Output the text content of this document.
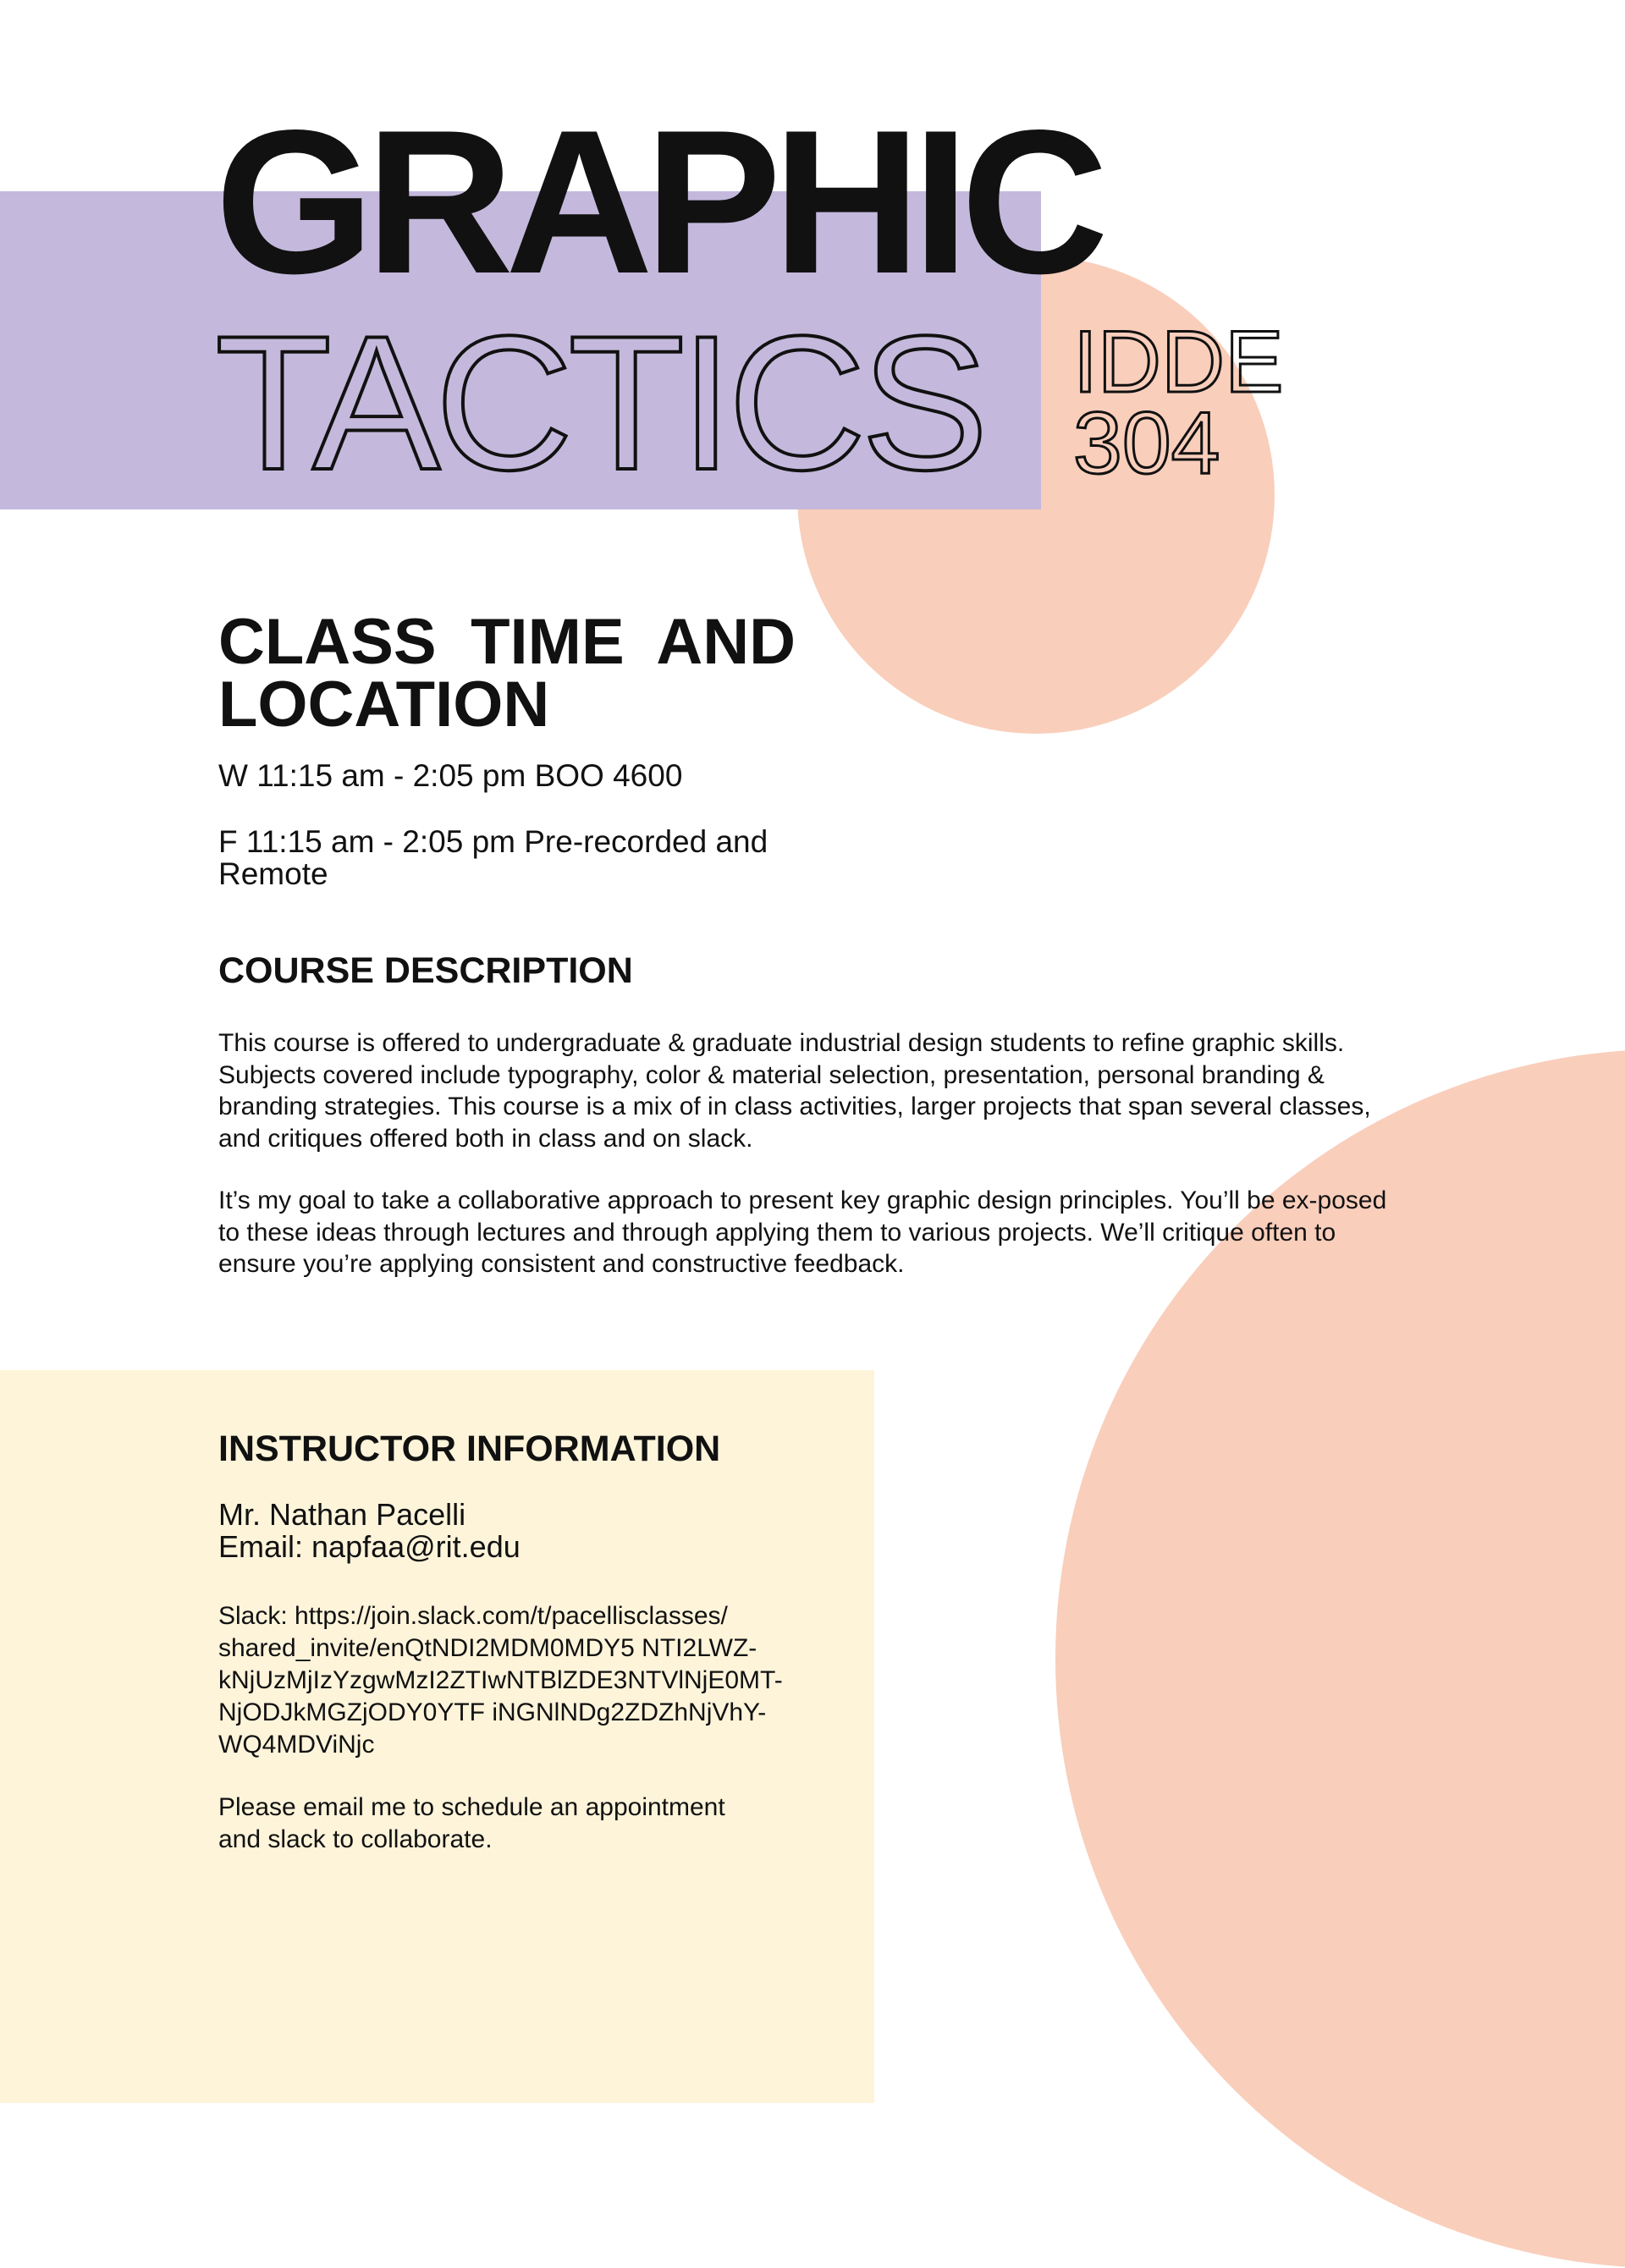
GRAPHIC
TACTICS IDDE
304
CLASS TIME AND LOCATION

W 11:15 am - 2:05 pm BOO 4600

F 11:15 am - 2:05 pm Pre-recorded and Remote

COURSE DESCRIPTION

This course is offered to undergraduate & graduate industrial design students to refine graphic skills. Subjects covered include typography, color & material selection, presentation, personal branding & branding strategies. This course is a mix of in class activities, larger projects that span several classes, and critiques offered both in class and on slack.

It’s my goal to take a collaborative approach to present key graphic design principles. You’ll be ex-posed to these ideas through lectures and through applying them to various projects. We’ll critique often to ensure you’re applying consistent and constructive feedback.

INSTRUCTOR INFORMATION

Mr. Nathan Pacelli

Email: napfaa@rit.edu

Slack: https://join.slack.com/t/pacellisclasses/
shared_invite/enQtNDI2MDM0MDY5 NTI2LWZ-
kNjUzMjIzYzgwMzI2ZTIwNTBlZDE3NTVlNjE0MT-
NjODJkMGZjODY0YTF iNGNlNDg2ZDZhNjVhY-
WQ4MDViNjc

Please email me to schedule an appointment
and slack to collaborate.
